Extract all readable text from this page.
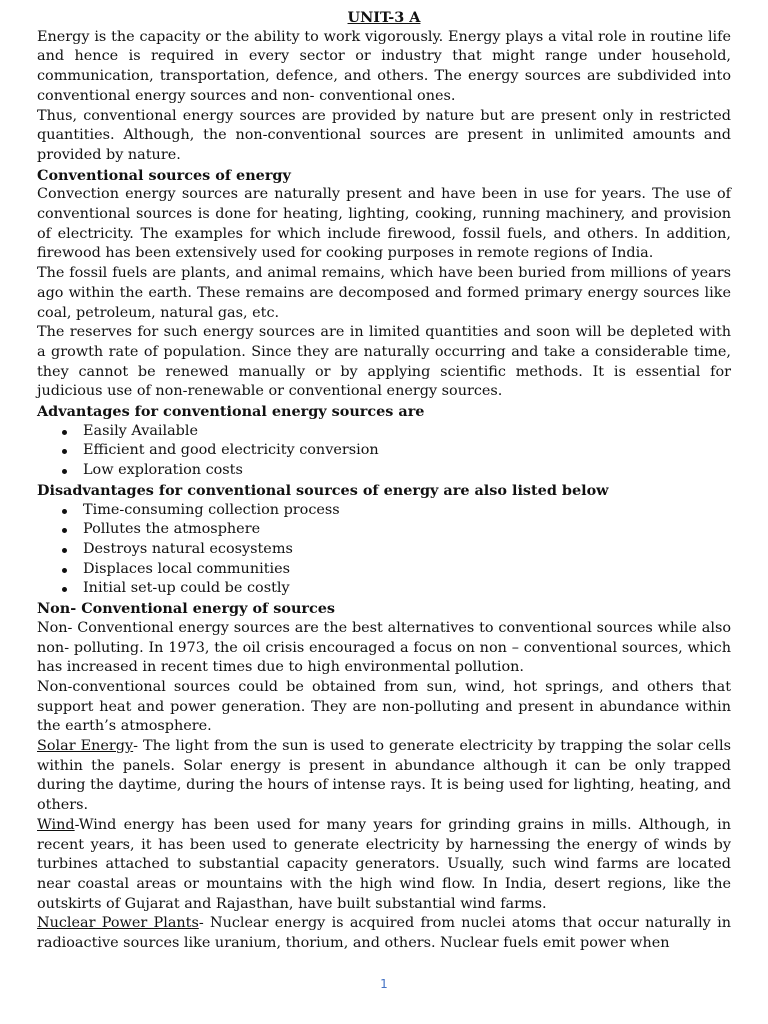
UNIT-3 A

Energy is the capacity or the ability to work vigorously. Energy plays a vital role in routine life and hence is required in every sector or industry that might range under household, communication, transportation, defence, and others. The energy sources are subdivided into conventional energy sources and non- conventional ones.

Thus, conventional energy sources are provided by nature but are present only in restricted quantities. Although, the non-conventional sources are present in unlimited amounts and provided by nature.

Conventional sources of energy

Convection energy sources are naturally present and have been in use for years. The use of conventional sources is done for heating, lighting, cooking, running machinery, and provision of electricity. The examples for which include firewood, fossil fuels, and others. In addition, firewood has been extensively used for cooking purposes in remote regions of India.

The fossil fuels are plants, and animal remains, which have been buried from millions of years ago within the earth. These remains are decomposed and formed primary energy sources like coal, petroleum, natural gas, etc.

The reserves for such energy sources are in limited quantities and soon will be depleted with a growth rate of population. Since they are naturally occurring and take a considerable time, they cannot be renewed manually or by applying scientific methods. It is essential for judicious use of non-renewable or conventional energy sources.

Advantages for conventional energy sources are
Easily Available
Efficient and good electricity conversion
Low exploration costs
Disadvantages for conventional sources of energy are also listed below
Time-consuming collection process
Pollutes the atmosphere
Destroys natural ecosystems
Displaces local communities
Initial set-up could be costly
Non- Conventional energy of sources

Non- Conventional energy sources are the best alternatives to conventional sources while also non- polluting. In 1973, the oil crisis encouraged a focus on non – conventional sources, which has increased in recent times due to high environmental pollution.

Non-conventional sources could be obtained from sun, wind, hot springs, and others that support heat and power generation. They are non-polluting and present in abundance within the earth’s atmosphere.

Solar Energy- The light from the sun is used to generate electricity by trapping the solar cells within the panels. Solar energy is present in abundance although it can be only trapped during the daytime, during the hours of intense rays. It is being used for lighting, heating, and others.

Wind-Wind energy has been used for many years for grinding grains in mills. Although, in recent years, it has been used to generate electricity by harnessing the energy of winds by turbines attached to substantial capacity generators. Usually, such wind farms are located near coastal areas or mountains with the high wind flow. In India, desert regions, like the outskirts of Gujarat and Rajasthan, have built substantial wind farms.

Nuclear Power Plants- Nuclear energy is acquired from nuclei atoms that occur naturally in radioactive sources like uranium, thorium, and others. Nuclear fuels emit power when

1
